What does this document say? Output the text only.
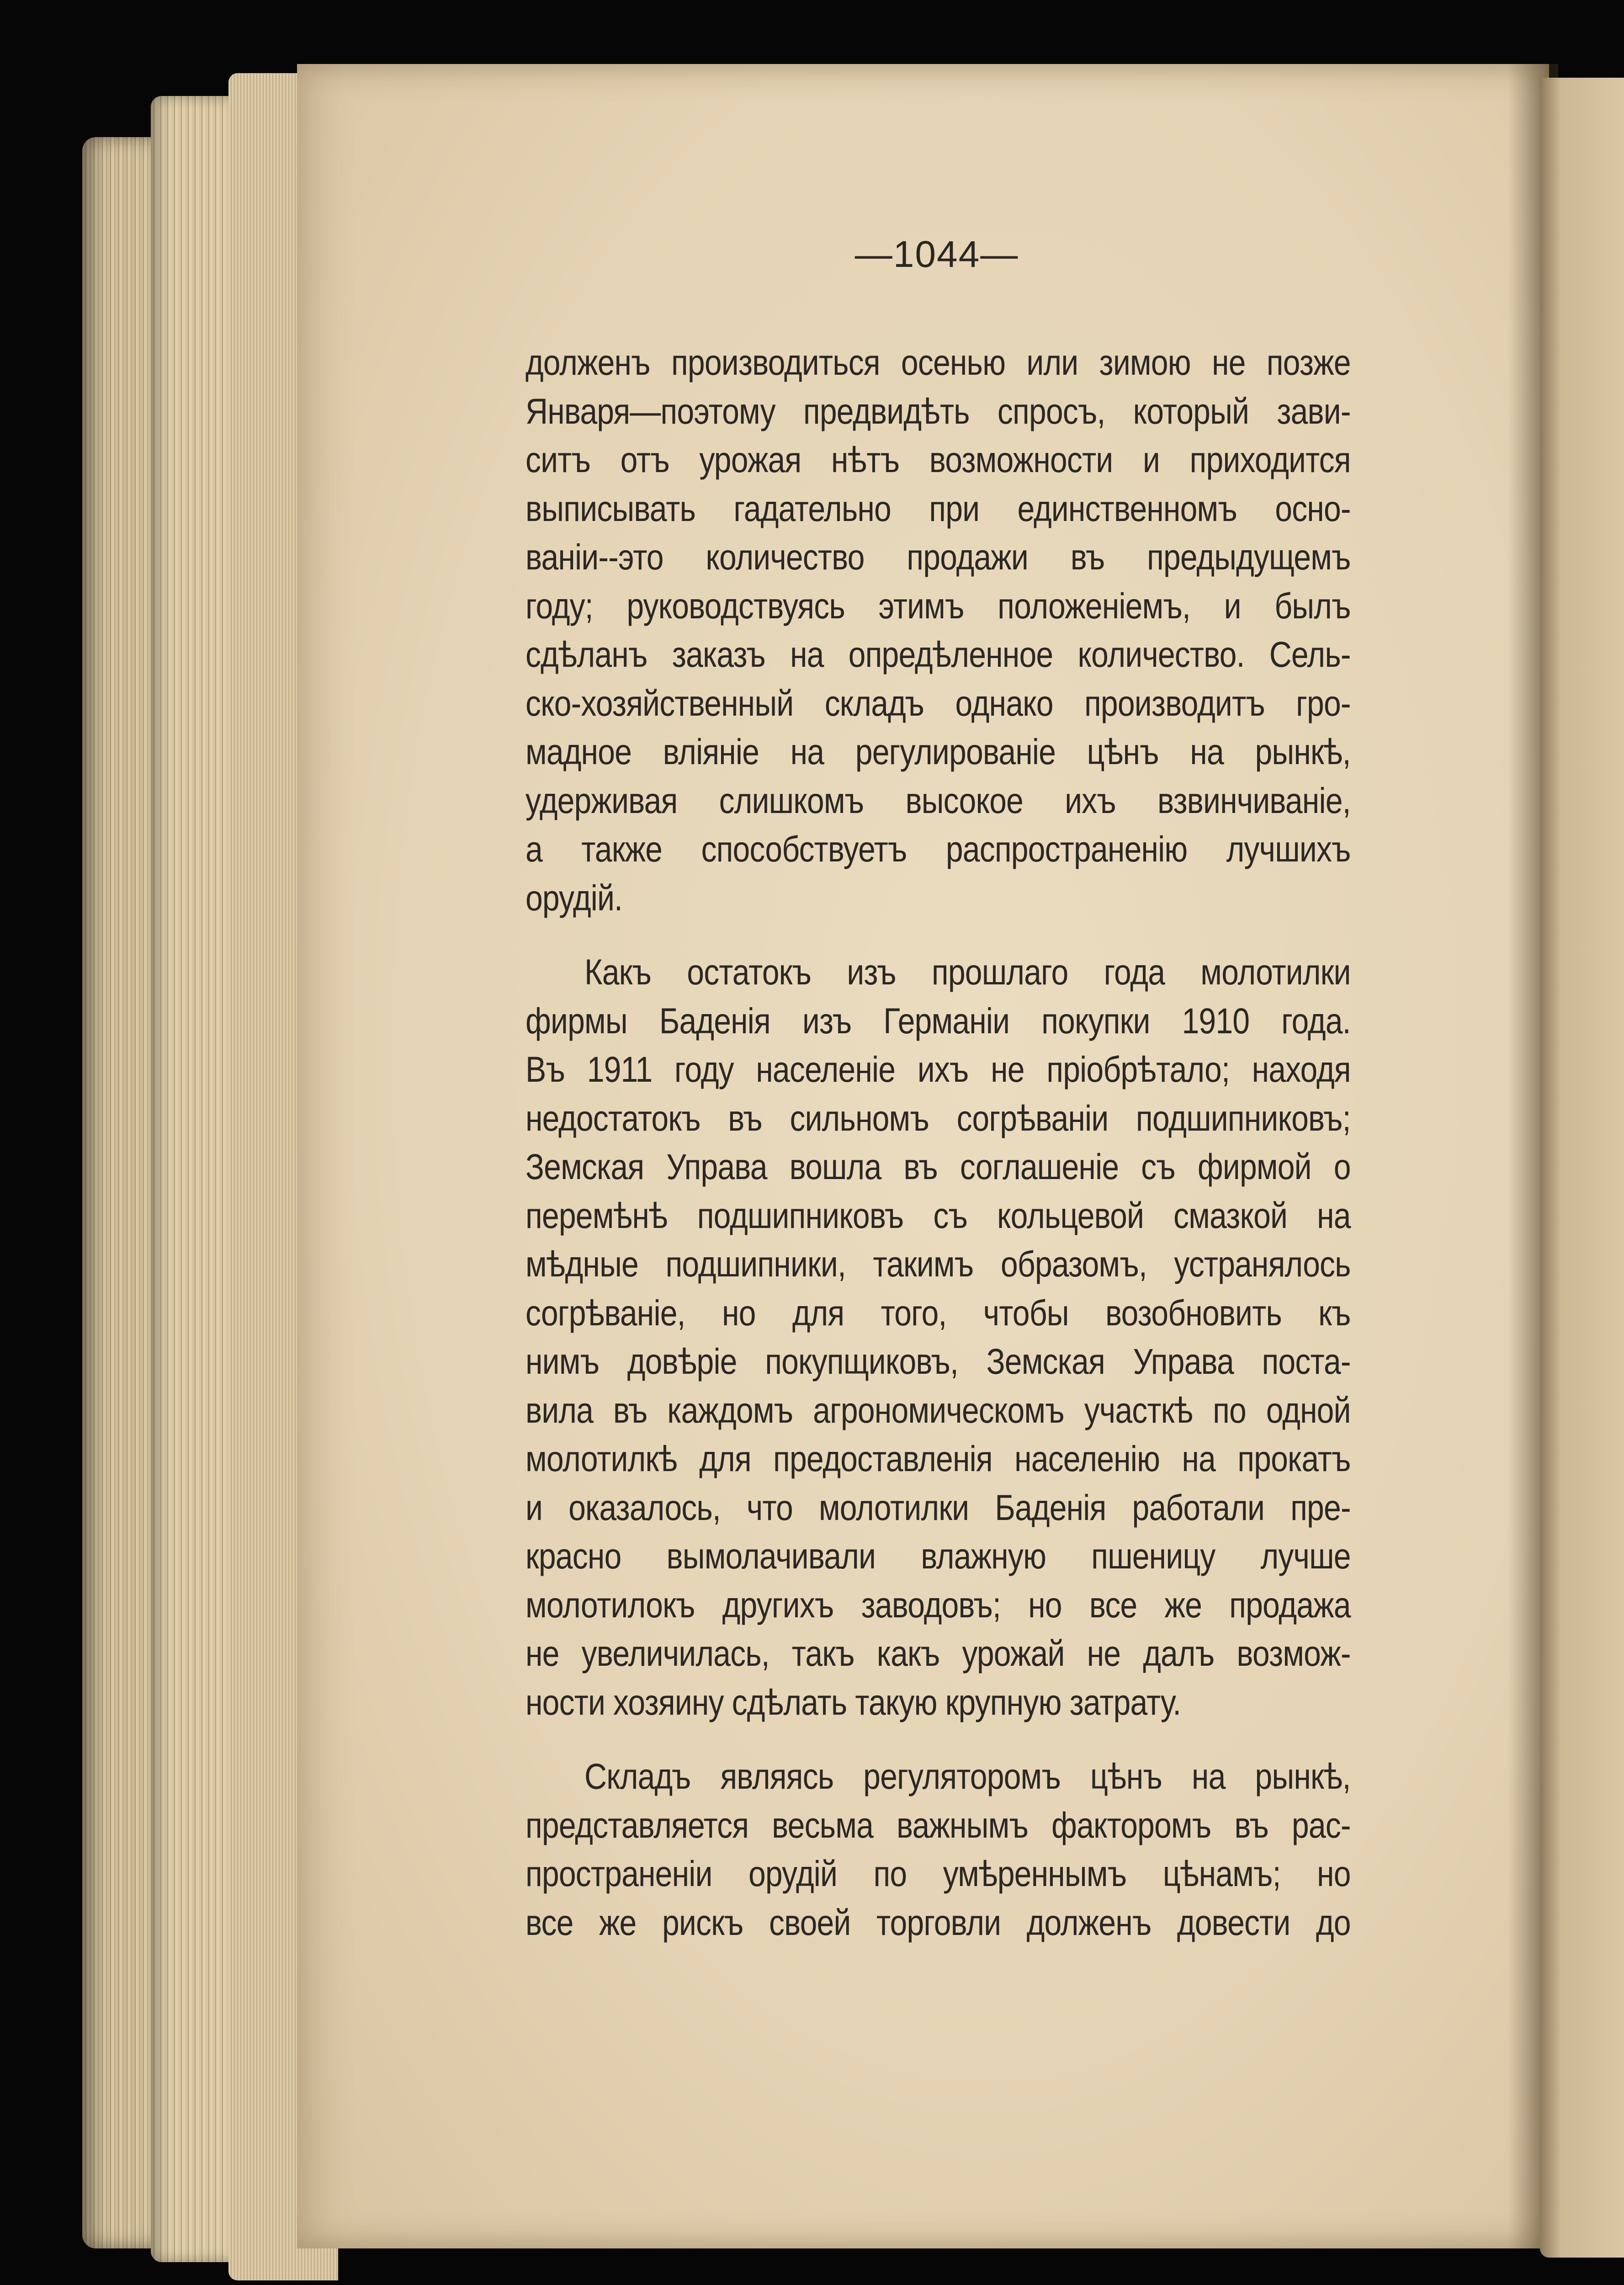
—1044—
долженъ производиться осенью или зимою не позже
Января—поэтому предвидѣть спросъ, который зави-
ситъ отъ урожая нѣтъ возможности и приходится
выписывать гадательно при единственномъ осно-
ваніи--это количество продажи въ предыдущемъ
году; руководствуясь этимъ положеніемъ, и былъ
сдѣланъ заказъ на опредѣленное количество. Сель-
ско-хозяйственный складъ однако производитъ гро-
мадное вліяніе на регулированіе цѣнъ на рынкѣ,
удерживая слишкомъ высокое ихъ взвинчиваніе,
а также способствуетъ распространенію лучшихъ
орудій.
Какъ остатокъ изъ прошлаго года молотилки
фирмы Баденія изъ Германіи покупки 1910 года.
Въ 1911 году населеніе ихъ не пріобрѣтало; находя
недостатокъ въ сильномъ согрѣваніи подшипниковъ;
Земская Управа вошла въ соглашеніе съ фирмой о
перемѣнѣ подшипниковъ съ кольцевой смазкой на
мѣдные подшипники, такимъ образомъ, устранялось
согрѣваніе, но для того, чтобы возобновить къ
нимъ довѣріе покупщиковъ, Земская Управа поста-
вила въ каждомъ агрономическомъ участкѣ по одной
молотилкѣ для предоставленія населенію на прокатъ
и оказалось, что молотилки Баденія работали пре-
красно вымолачивали влажную пшеницу лучше
молотилокъ другихъ заводовъ; но все же продажа
не увеличилась, такъ какъ урожай не далъ возмож-
ности хозяину сдѣлать такую крупную затрату.
Складъ являясь регуляторомъ цѣнъ на рынкѣ,
представляется весьма важнымъ факторомъ въ рас-
пространеніи орудій по умѣреннымъ цѣнамъ; но
все же рискъ своей торговли долженъ довести до
